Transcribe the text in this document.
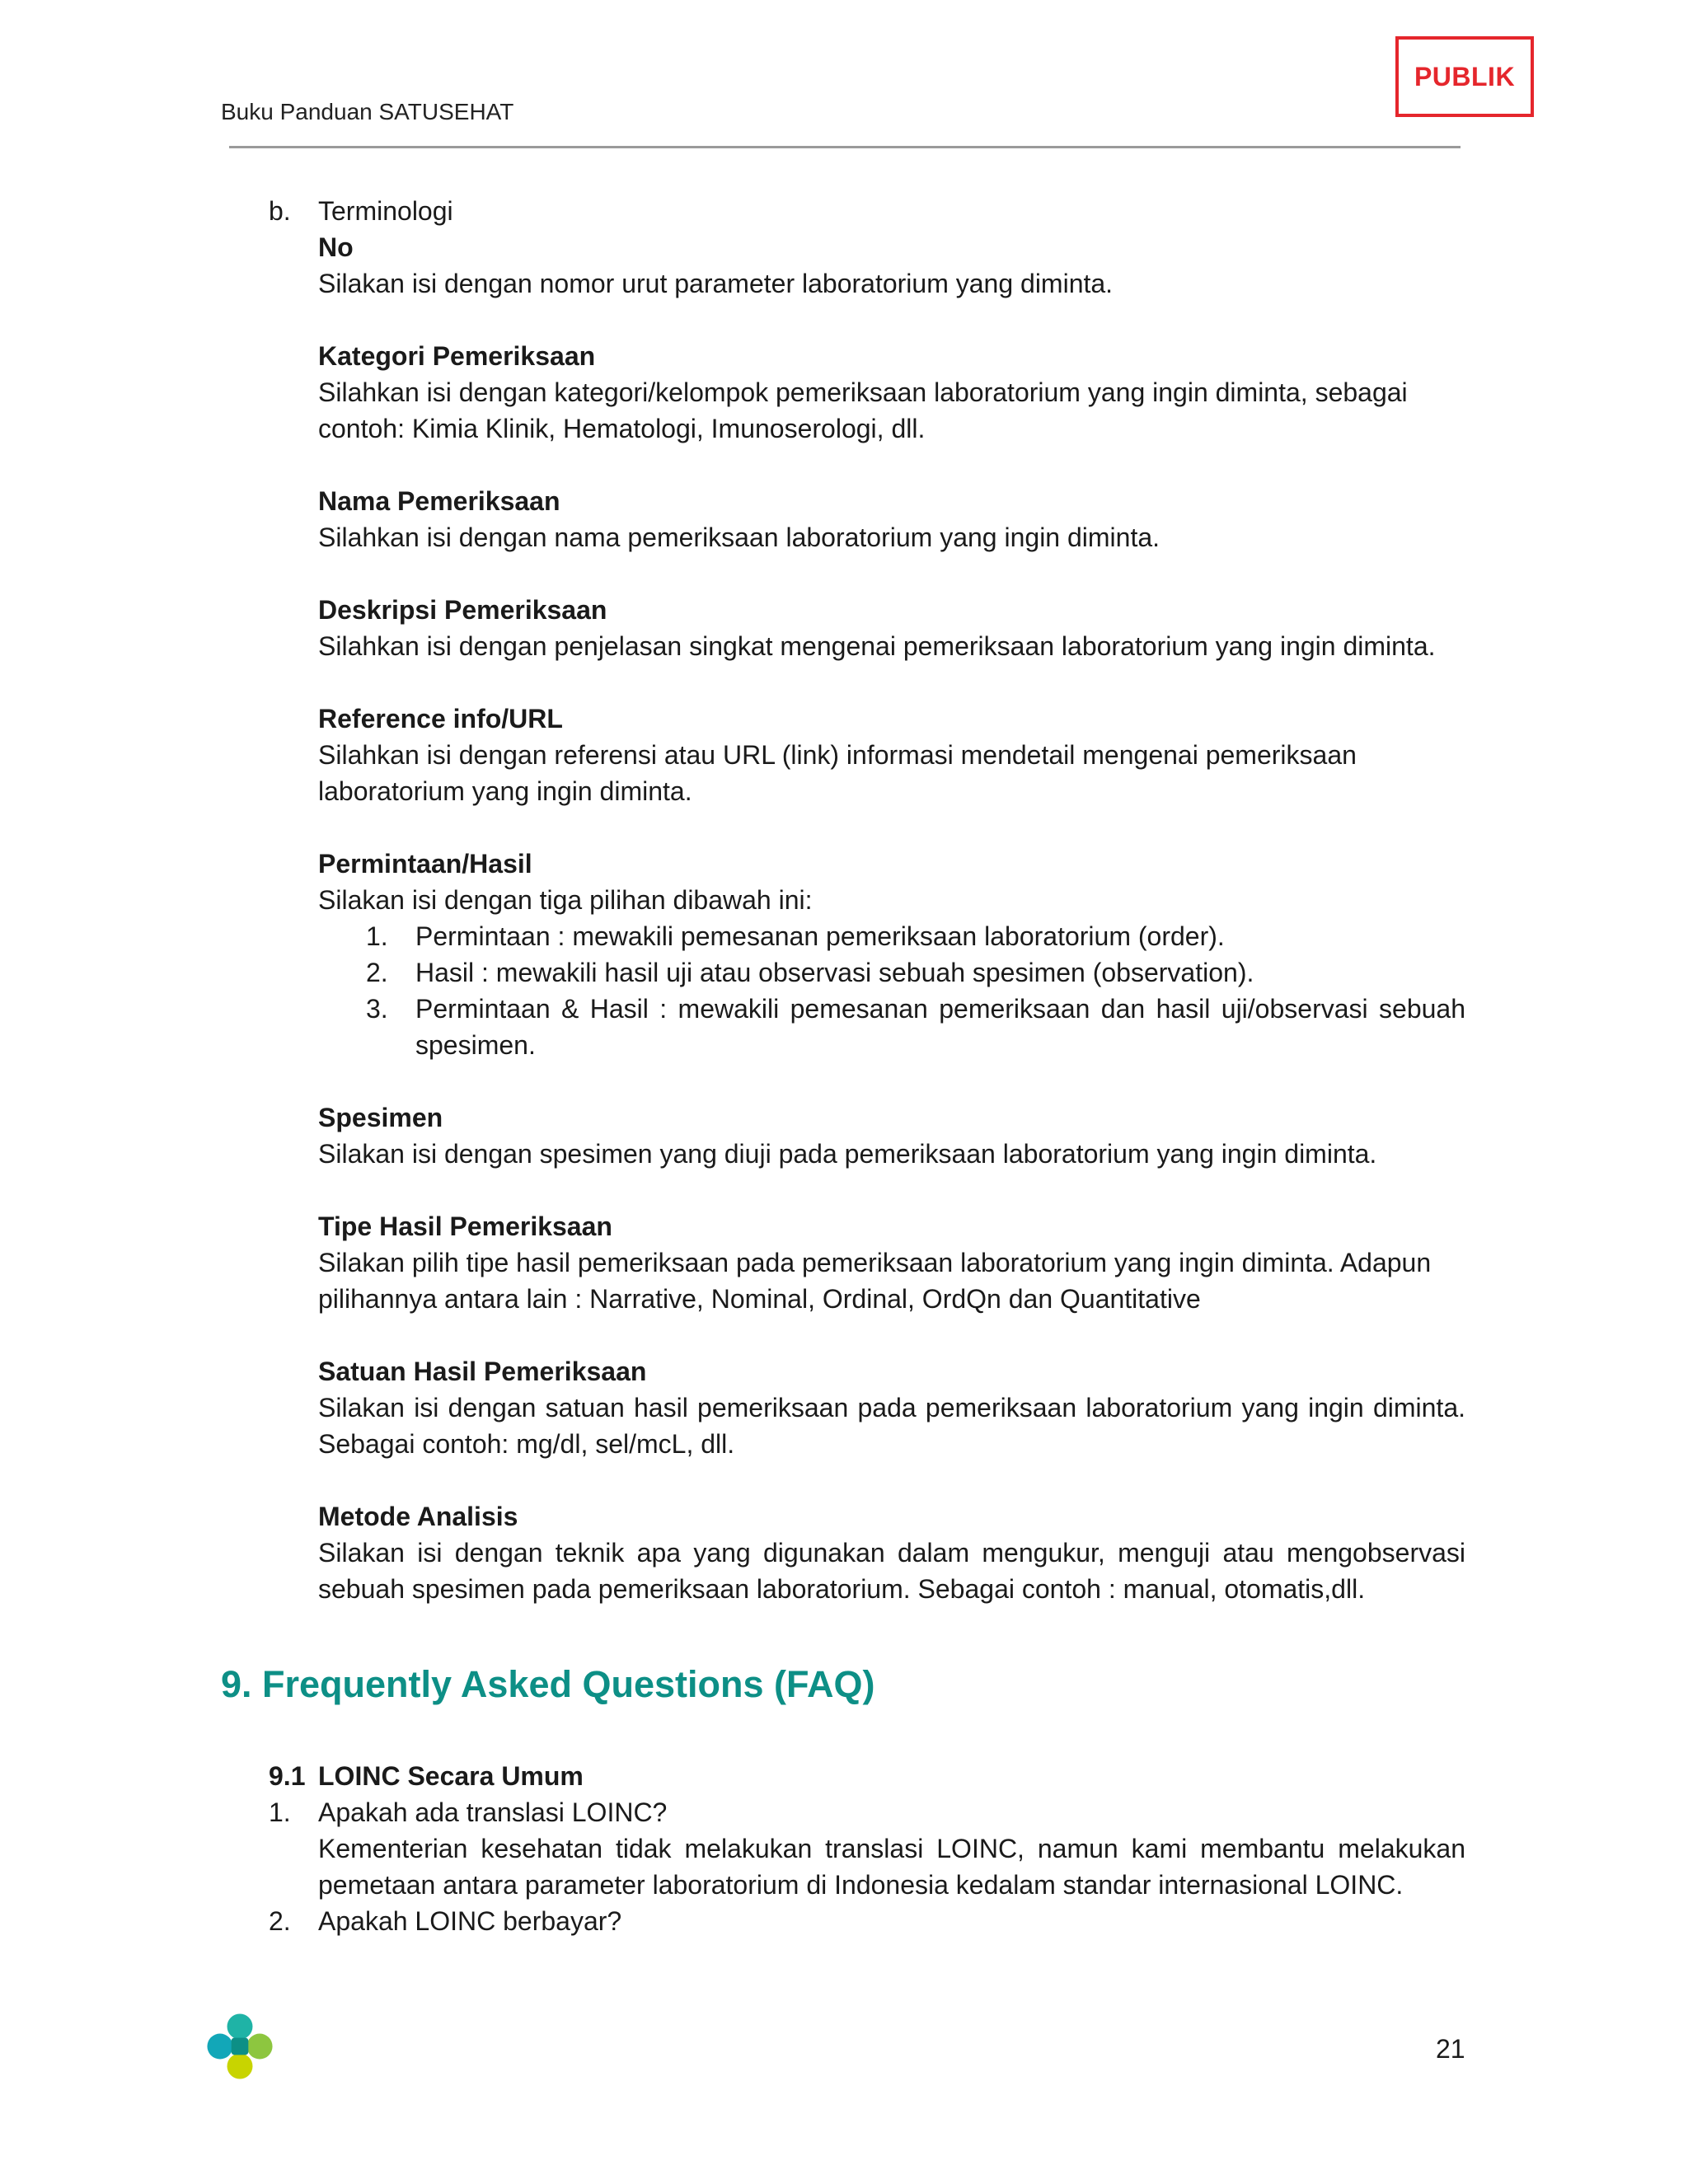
Buku Panduan SATUSEHAT
PUBLIK
b. Terminologi
No
Silakan isi dengan nomor urut parameter laboratorium yang diminta.
Kategori Pemeriksaan
Silahkan isi dengan kategori/kelompok pemeriksaan laboratorium yang ingin diminta, sebagai contoh: Kimia Klinik, Hematologi, Imunoserologi, dll.
Nama Pemeriksaan
Silahkan isi dengan nama pemeriksaan laboratorium yang ingin diminta.
Deskripsi Pemeriksaan
Silahkan isi dengan penjelasan singkat mengenai pemeriksaan laboratorium yang ingin diminta.
Reference info/URL
Silahkan isi dengan referensi atau URL (link) informasi mendetail mengenai pemeriksaan laboratorium yang ingin diminta.
Permintaan/Hasil
Silakan isi dengan tiga pilihan dibawah ini:
1. Permintaan : mewakili pemesanan pemeriksaan laboratorium (order).
2. Hasil : mewakili hasil uji atau observasi sebuah spesimen (observation).
3. Permintaan & Hasil : mewakili pemesanan pemeriksaan dan hasil uji/observasi sebuah spesimen.
Spesimen
Silakan isi dengan spesimen yang diuji pada pemeriksaan laboratorium yang ingin diminta.
Tipe Hasil Pemeriksaan
Silakan pilih tipe hasil pemeriksaan pada pemeriksaan laboratorium yang ingin diminta. Adapun pilihannya antara lain : Narrative, Nominal, Ordinal, OrdQn dan Quantitative
Satuan Hasil Pemeriksaan
Silakan isi dengan satuan hasil pemeriksaan pada pemeriksaan laboratorium yang ingin diminta. Sebagai contoh: mg/dl, sel/mcL, dll.
Metode Analisis
Silakan isi dengan teknik apa yang digunakan dalam mengukur, menguji atau mengobservasi sebuah spesimen pada pemeriksaan laboratorium. Sebagai contoh : manual, otomatis,dll.
9. Frequently Asked Questions (FAQ)
9.1 LOINC Secara Umum
1. Apakah ada translasi LOINC?
Kementerian kesehatan tidak melakukan translasi LOINC, namun kami membantu melakukan pemetaan antara parameter laboratorium di Indonesia kedalam standar internasional LOINC.
2. Apakah LOINC berbayar?
21
